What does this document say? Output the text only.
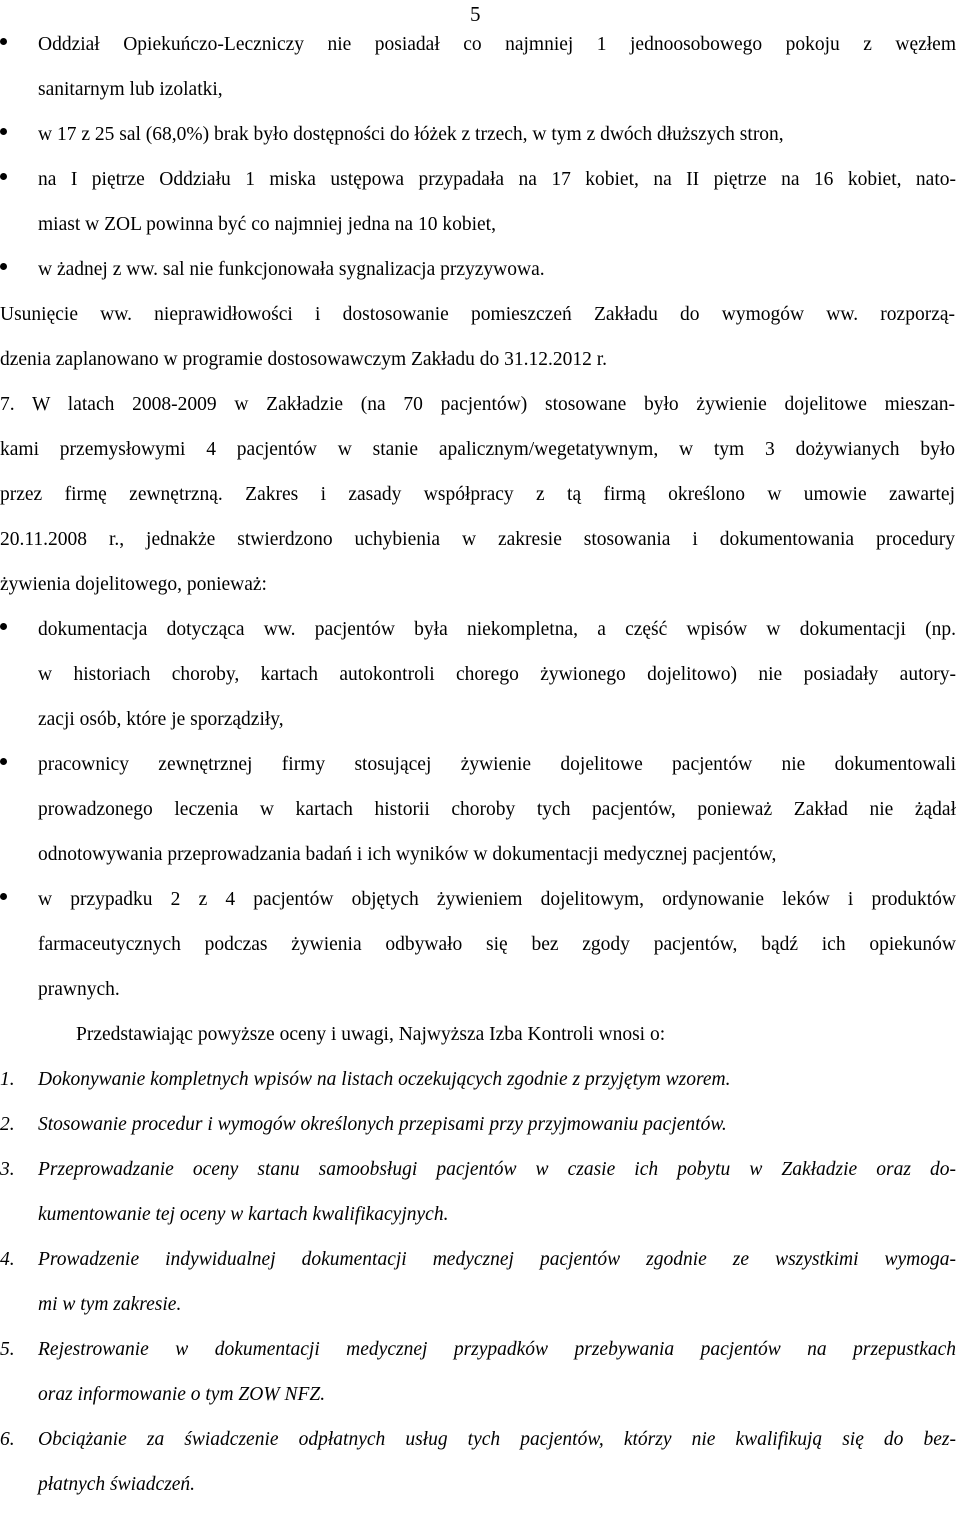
5
Oddział Opiekuńczo-Leczniczy nie posiadał co najmniej 1 jednoosobowego pokoju z węzłem
sanitarnym lub izolatki,
w 17 z 25 sal (68,0%) brak było dostępności do łóżek z trzech, w tym z dwóch dłuższych stron,
na I piętrze Oddziału 1 miska ustępowa przypadała na 17 kobiet, na II piętrze na 16 kobiet, nato-
miast w ZOL powinna być co najmniej jedna na 10 kobiet,
w żadnej z ww. sal nie funkcjonowała sygnalizacja przyzywowa.
Usunięcie ww. nieprawidłowości i dostosowanie pomieszczeń Zakładu do wymogów ww. rozporzą-
dzenia zaplanowano w programie dostosowawczym Zakładu do 31.12.2012 r.
7. W latach 2008-2009 w Zakładzie (na 70 pacjentów) stosowane było żywienie dojelitowe mieszan-
kami przemysłowymi 4 pacjentów w stanie apalicznym/wegetatywnym, w tym 3 dożywianych było
przez firmę zewnętrzną. Zakres i zasady współpracy z tą firmą określono w umowie zawartej
20.11.2008 r., jednakże stwierdzono uchybienia w zakresie stosowania i dokumentowania procedury
żywienia dojelitowego, ponieważ:
dokumentacja dotycząca ww. pacjentów była niekompletna, a część wpisów w dokumentacji (np.
w historiach choroby, kartach autokontroli chorego żywionego dojelitowo) nie posiadały autory-
zacji osób, które je sporządziły,
pracownicy zewnętrznej firmy stosującej żywienie dojelitowe pacjentów nie dokumentowali
prowadzonego leczenia w kartach historii choroby tych pacjentów, ponieważ Zakład nie żądał
odnotowywania przeprowadzania badań i ich wyników w dokumentacji medycznej pacjentów,
w przypadku 2 z 4 pacjentów objętych żywieniem dojelitowym, ordynowanie leków i produktów
farmaceutycznych podczas żywienia odbywało się bez zgody pacjentów, bądź ich opiekunów
prawnych.
Przedstawiając powyższe oceny i uwagi, Najwyższa Izba Kontroli wnosi o:
1. Dokonywanie kompletnych wpisów na listach oczekujących zgodnie z przyjętym wzorem.
2. Stosowanie procedur i wymogów określonych przepisami przy przyjmowaniu pacjentów.
3. Przeprowadzanie oceny stanu samoobsługi pacjentów w czasie ich pobytu w Zakładzie oraz do-
kumentowanie tej oceny w kartach kwalifikacyjnych.
4. Prowadzenie indywidualnej dokumentacji medycznej pacjentów zgodnie ze wszystkimi wymoga-
mi w tym zakresie.
5. Rejestrowanie w dokumentacji medycznej przypadków przebywania pacjentów na przepustkach
oraz informowanie o tym ZOW NFZ.
6. Obciążanie za świadczenie odpłatnych usług tych pacjentów, którzy nie kwalifikują się do bez-
płatnych świadczeń.
